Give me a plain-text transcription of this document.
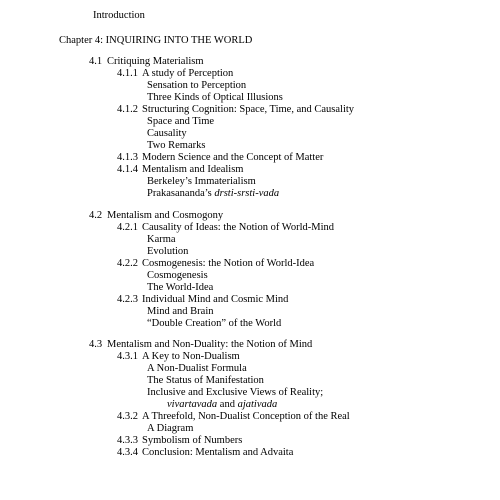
Introduction
Chapter 4: INQUIRING INTO THE WORLD
4.1 Critiquing Materialism
4.1.1 A study of Perception
Sensation to Perception
Three Kinds of Optical Illusions
4.1.2 Structuring Cognition: Space, Time, and Causality
Space and Time
Causality
Two Remarks
4.1.3 Modern Science and the Concept of Matter
4.1.4 Mentalism and Idealism
Berkeley’s Immaterialism
Prakasananda’s drsti-srsti-vada
4.2 Mentalism and Cosmogony
4.2.1 Causality of Ideas: the Notion of World-Mind
Karma
Evolution
4.2.2 Cosmogenesis: the Notion of World-Idea
Cosmogenesis
The World-Idea
4.2.3 Individual Mind and Cosmic Mind
Mind and Brain
“Double Creation” of the World
4.3 Mentalism and Non-Duality: the Notion of Mind
4.3.1 A Key to Non-Dualism
A Non-Dualist Formula
The Status of Manifestation
Inclusive and Exclusive Views of Reality;
vivartavada and ajativada
4.3.2 A Threefold, Non-Dualist Conception of the Real
A Diagram
4.3.3 Symbolism of Numbers
4.3.4 Conclusion: Mentalism and Advaita
